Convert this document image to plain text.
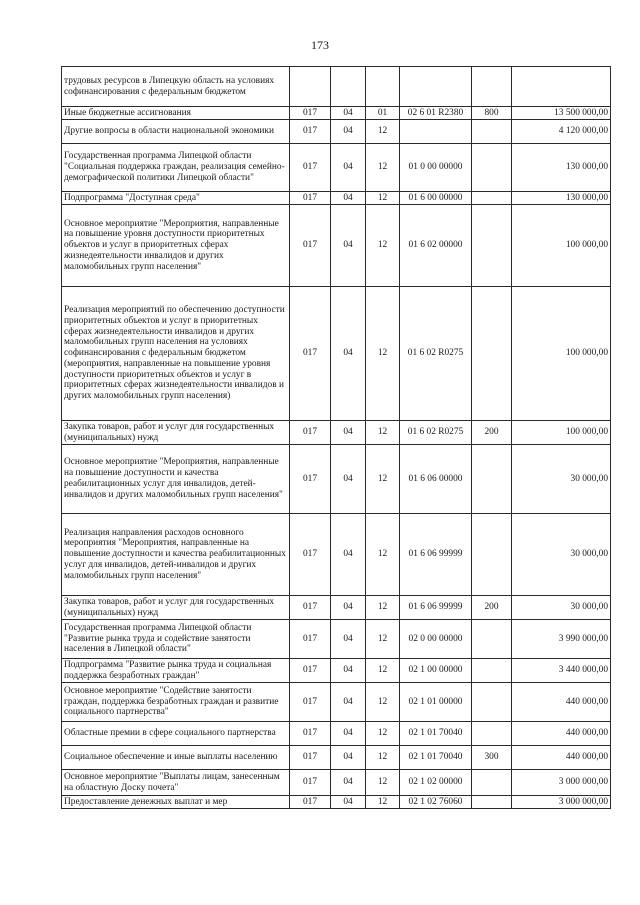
173
трудовых ресурсов в Липецкую область на условиях софинансирования с федеральным бюджетом						
Иные бюджетные ассигнования	017	04	01	02 6 01 R2380	800	13 500 000,00
Другие вопросы в области национальной экономики	017	04	12			4 120 000,00
Государственная программа Липецкой области "Социальная поддержка граждан, реализация семейно-демографической политики Липецкой области"	017	04	12	01 0 00 00000		130 000,00
Подпрограмма "Доступная среда"	017	04	12	01 6 00 00000		130 000,00
Основное мероприятие "Мероприятия, направленные на повышение уровня доступности приоритетных объектов и услуг в приоритетных сферах жизнедеятельности инвалидов и других маломобильных групп населения"	017	04	12	01 6 02 00000		100 000,00
Реализация мероприятий по обеспечению доступности приоритетных объектов и услуг в приоритетных сферах жизнедеятельности инвалидов и других маломобильных групп населения на условиях софинансирования с федеральным бюджетом (мероприятия, направленные на повышение уровня доступности приоритетных объектов и услуг в приоритетных сферах жизнедеятельности инвалидов и других маломобильных групп населения)	017	04	12	01 6 02 R0275		100 000,00
Закупка товаров, работ и услуг для государственных (муниципальных) нужд	017	04	12	01 6 02 R0275	200	100 000,00
Основное мероприятие "Мероприятия, направленные на повышение доступности и качества реабилитационных услуг для инвалидов, детей-инвалидов и других маломобильных групп населения"	017	04	12	01 6 06 00000		30 000,00
Реализация направления расходов основного мероприятия "Мероприятия, направленные на повышение доступности и качества реабилитационных услуг для инвалидов, детей-инвалидов и других маломобильных групп населения"	017	04	12	01 6 06 99999		30 000,00
Закупка товаров, работ и услуг для государственных (муниципальных) нужд	017	04	12	01 6 06 99999	200	30 000,00
Государственная программа Липецкой области "Развитие рынка труда и содействие занятости населения в Липецкой области"	017	04	12	02 0 00 00000		3 990 000,00
Подпрограмма "Развитие рынка труда и социальная поддержка безработных граждан"	017	04	12	02 1 00 00000		3 440 000,00
Основное мероприятие "Содействие занятости граждан, поддержка безработных граждан и развитие социального партнерства"	017	04	12	02 1 01 00000		440 000,00
Областные премии в сфере социального партнерства	017	04	12	02 1 01 70040		440 000,00
Социальное обеспечение и иные выплаты населению	017	04	12	02 1 01 70040	300	440 000,00
Основное мероприятие "Выплаты лицам, занесенным на областную Доску почета"	017	04	12	02 1 02 00000		3 000 000,00
Предоставление денежных выплат и мер	017	04	12	02 1 02 76060		3 000 000,00
